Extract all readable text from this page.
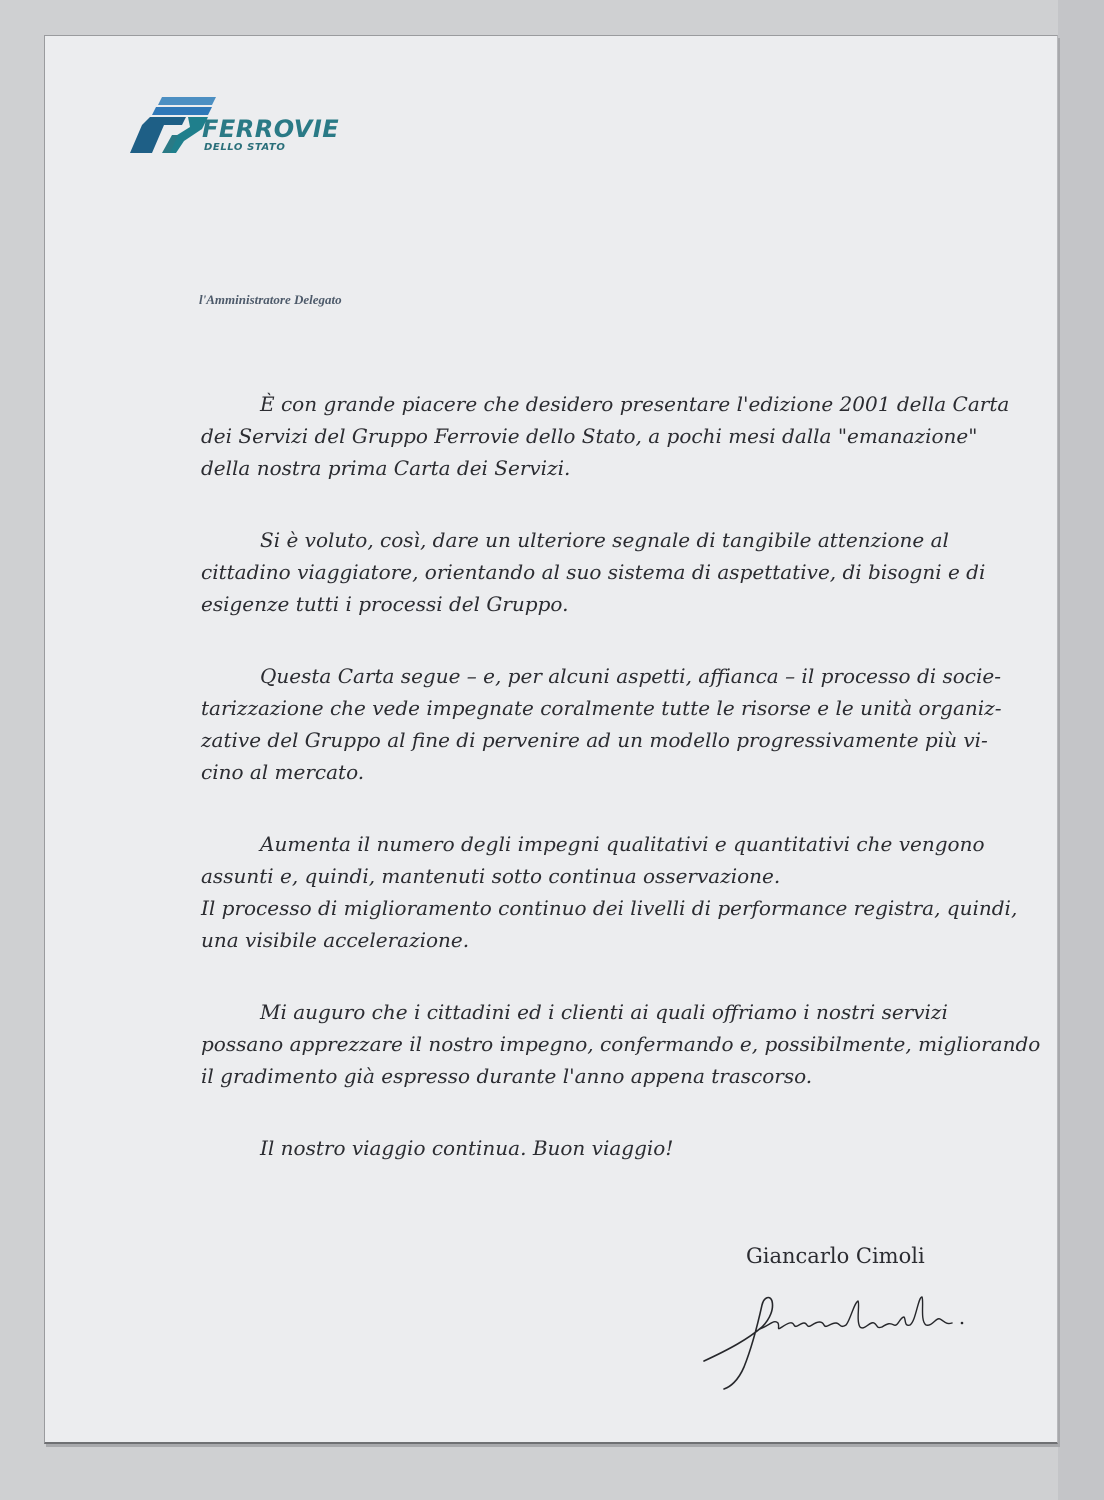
FERROVIE
DELLO STATO
l'Amministratore Delegato
È con grande piacere che desidero presentare l'edizione 2001 della Carta
dei Servizi del Gruppo Ferrovie dello Stato, a pochi mesi dalla "emanazione"
della nostra prima Carta dei Servizi.
Si è voluto, così, dare un ulteriore segnale di tangibile attenzione al
cittadino viaggiatore, orientando al suo sistema di aspettative, di bisogni e di
esigenze tutti i processi del Gruppo.
Questa Carta segue – e, per alcuni aspetti, affianca – il processo di socie-
tarizzazione che vede impegnate coralmente tutte le risorse e le unità organiz-
zative del Gruppo al fine di pervenire ad un modello progressivamente più vi-
cino al mercato.
Aumenta il numero degli impegni qualitativi e quantitativi che vengono
assunti e, quindi, mantenuti sotto continua osservazione.
Il processo di miglioramento continuo dei livelli di performance registra, quindi,
una visibile accelerazione.
Mi auguro che i cittadini ed i clienti ai quali offriamo i nostri servizi
possano apprezzare il nostro impegno, confermando e, possibilmente, migliorando
il gradimento già espresso durante l'anno appena trascorso.
Il nostro viaggio continua. Buon viaggio!
Giancarlo Cimoli
